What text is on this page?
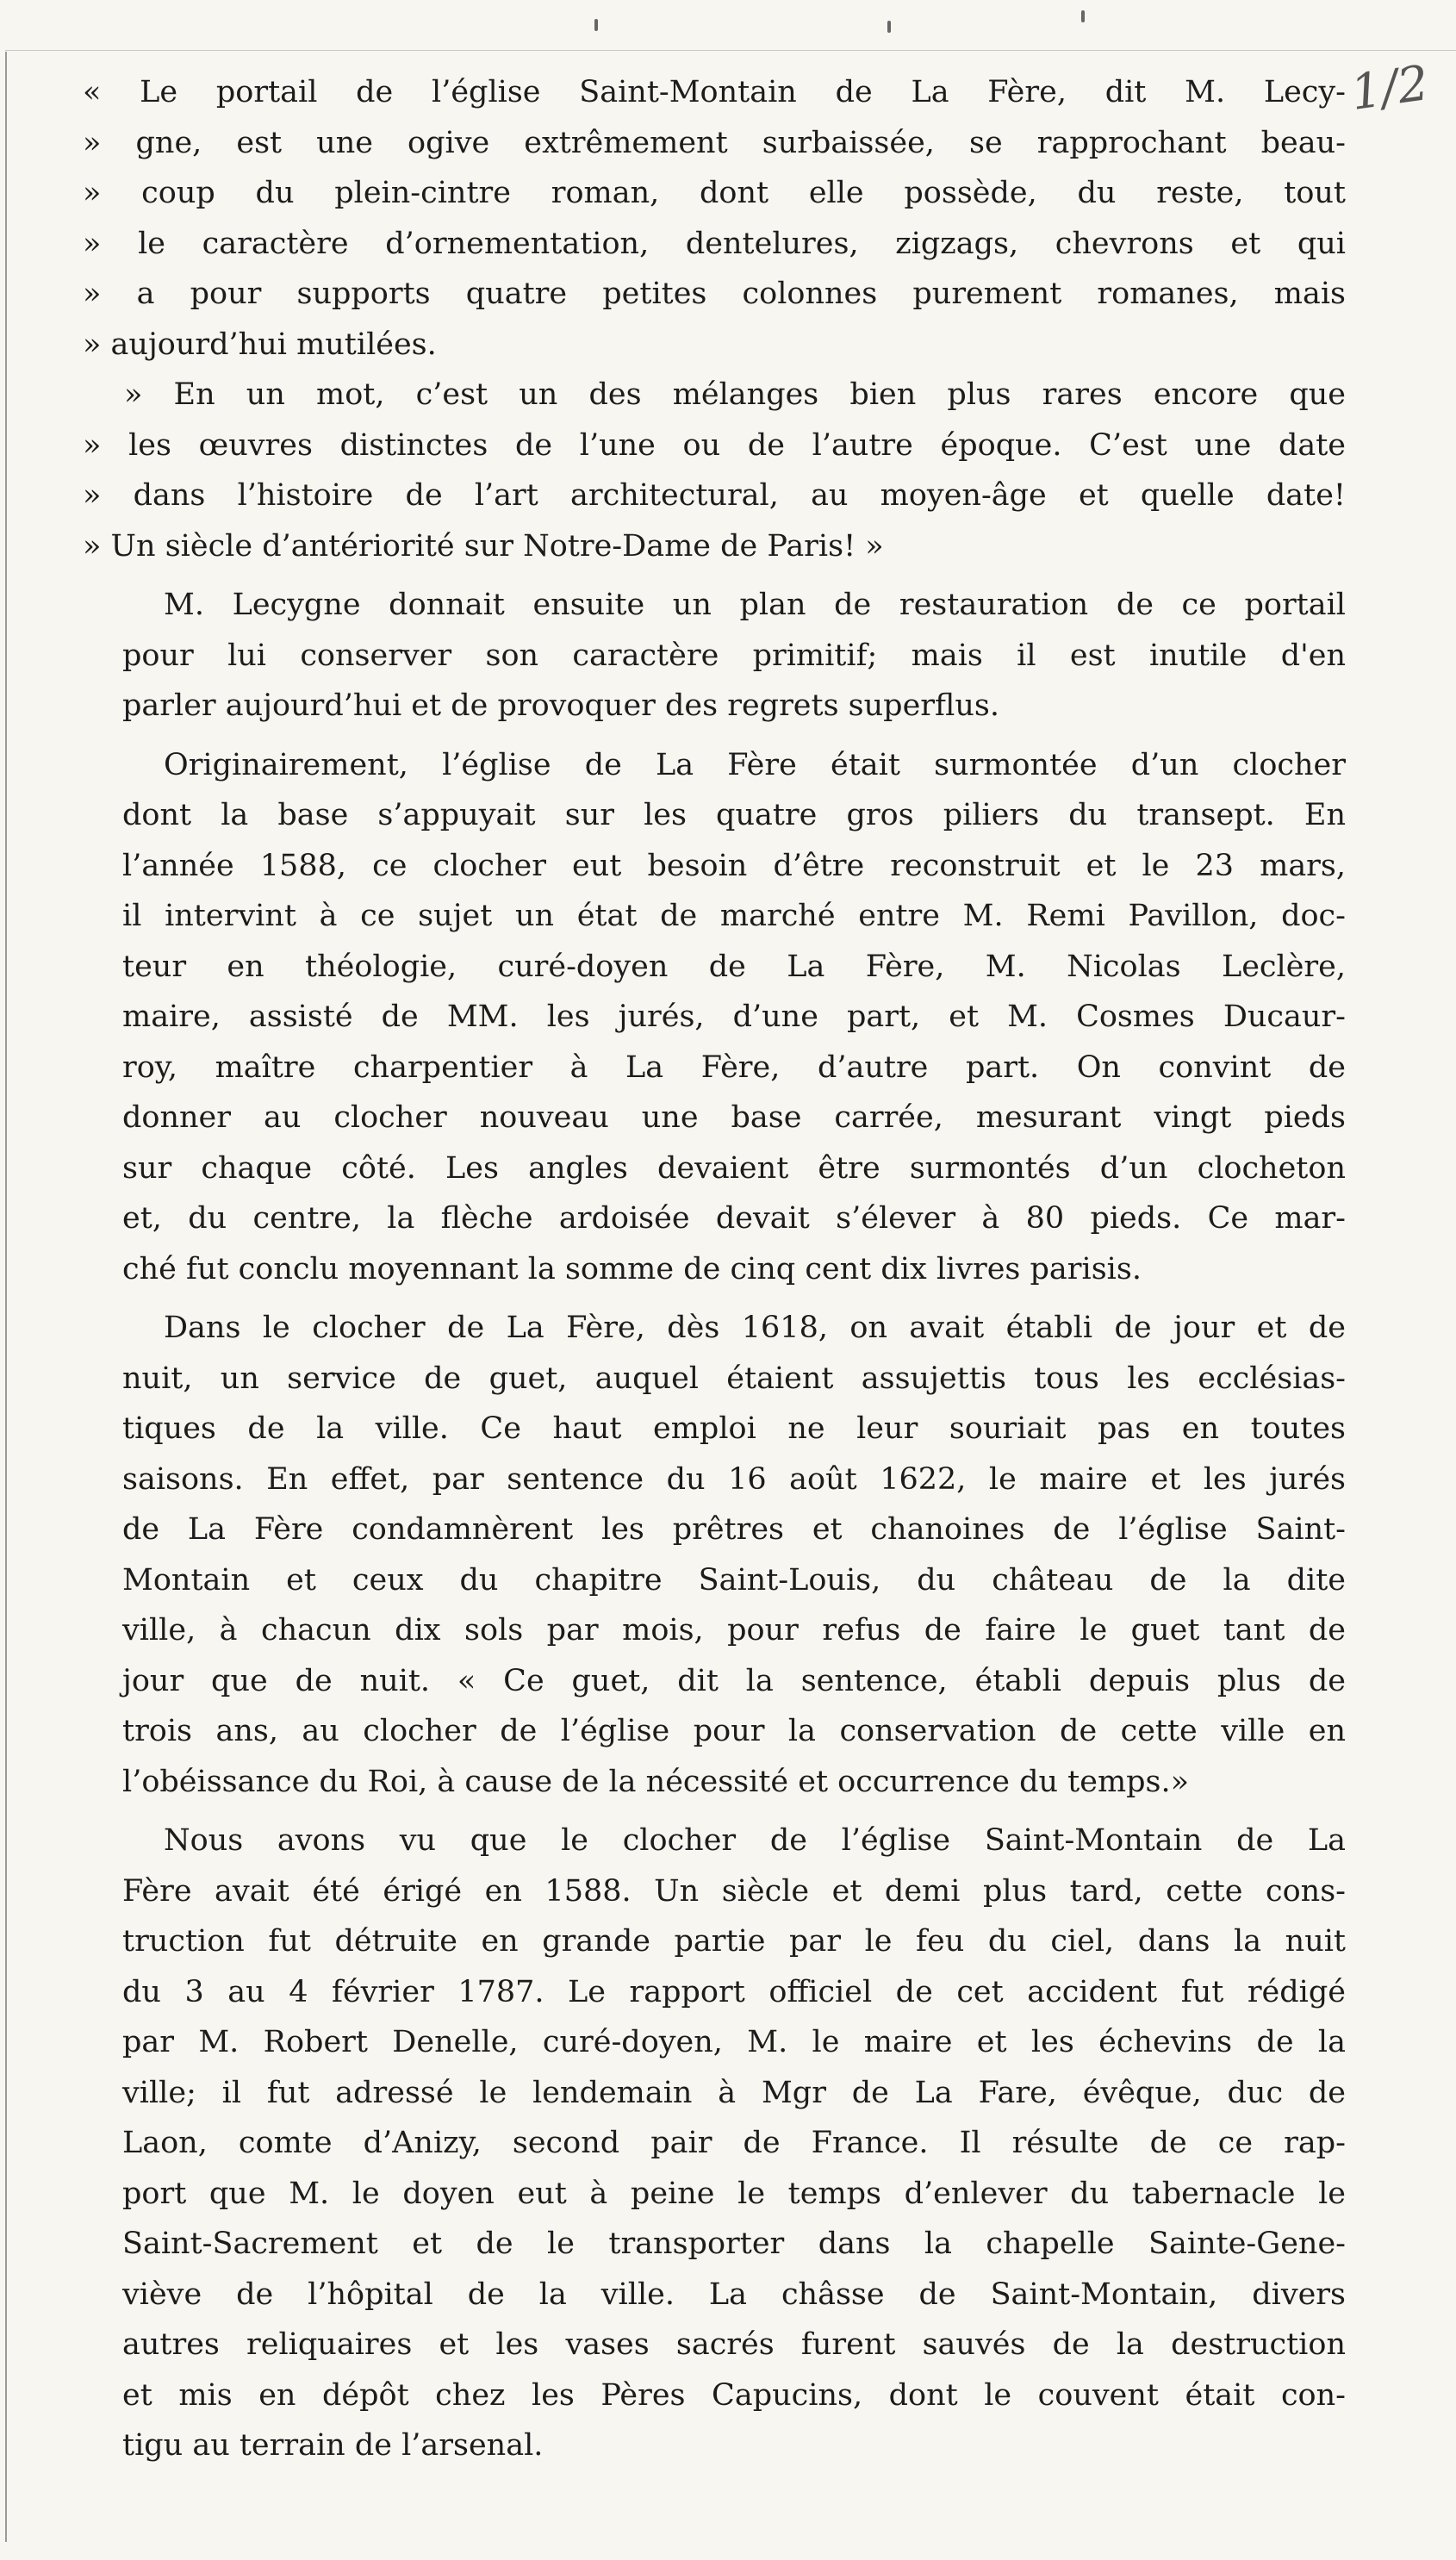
1/2
« Le portail de l’église Saint-Montain de La Fère, dit M. Lecy-
» gne, est une ogive extrêmement surbaissée, se rapprochant beau-
» coup du plein-cintre roman, dont elle possède, du reste, tout
» le caractère d’ornementation, dentelures, zigzags, chevrons et qui
» a pour supports quatre petites colonnes purement romanes, mais
» aujourd’hui mutilées.
» En un mot, c’est un des mélanges bien plus rares encore que
» les œuvres distinctes de l’une ou de l’autre époque. C’est une date
» dans l’histoire de l’art architectural, au moyen-âge et quelle date!
» Un siècle d’antériorité sur Notre-Dame de Paris! »
M. Lecygne donnait ensuite un plan de restauration de ce portail
pour lui conserver son caractère primitif; mais il est inutile d'en
parler aujourd’hui et de provoquer des regrets superflus.
Originairement, l’église de La Fère était surmontée d’un clocher
dont la base s’appuyait sur les quatre gros piliers du transept. En
l’année 1588, ce clocher eut besoin d’être reconstruit et le 23 mars,
il intervint à ce sujet un état de marché entre M. Remi Pavillon, doc-
teur en théologie, curé-doyen de La Fère, M. Nicolas Leclère,
maire, assisté de MM. les jurés, d’une part, et M. Cosmes Ducaur-
roy, maître charpentier à La Fère, d’autre part. On convint de
donner au clocher nouveau une base carrée, mesurant vingt pieds
sur chaque côté. Les angles devaient être surmontés d’un clocheton
et, du centre, la flèche ardoisée devait s’élever à 80 pieds. Ce mar-
ché fut conclu moyennant la somme de cinq cent dix livres parisis.
Dans le clocher de La Fère, dès 1618, on avait établi de jour et de
nuit, un service de guet, auquel étaient assujettis tous les ecclésias-
tiques de la ville. Ce haut emploi ne leur souriait pas en toutes
saisons. En effet, par sentence du 16 août 1622, le maire et les jurés
de La Fère condamnèrent les prêtres et chanoines de l’église Saint-
Montain et ceux du chapitre Saint-Louis, du château de la dite
ville, à chacun dix sols par mois, pour refus de faire le guet tant de
jour que de nuit. « Ce guet, dit la sentence, établi depuis plus de
trois ans, au clocher de l’église pour la conservation de cette ville en
l’obéissance du Roi, à cause de la nécessité et occurrence du temps.»
Nous avons vu que le clocher de l’église Saint-Montain de La
Fère avait été érigé en 1588. Un siècle et demi plus tard, cette cons-
truction fut détruite en grande partie par le feu du ciel, dans la nuit
du 3 au 4 février 1787. Le rapport officiel de cet accident fut rédigé
par M. Robert Denelle, curé-doyen, M. le maire et les échevins de la
ville; il fut adressé le lendemain à Mgr de La Fare, évêque, duc de
Laon, comte d’Anizy, second pair de France. Il résulte de ce rap-
port que M. le doyen eut à peine le temps d’enlever du tabernacle le
Saint-Sacrement et de le transporter dans la chapelle Sainte-Gene-
viève de l’hôpital de la ville. La châsse de Saint-Montain, divers
autres reliquaires et les vases sacrés furent sauvés de la destruction
et mis en dépôt chez les Pères Capucins, dont le couvent était con-
tigu au terrain de l’arsenal.
